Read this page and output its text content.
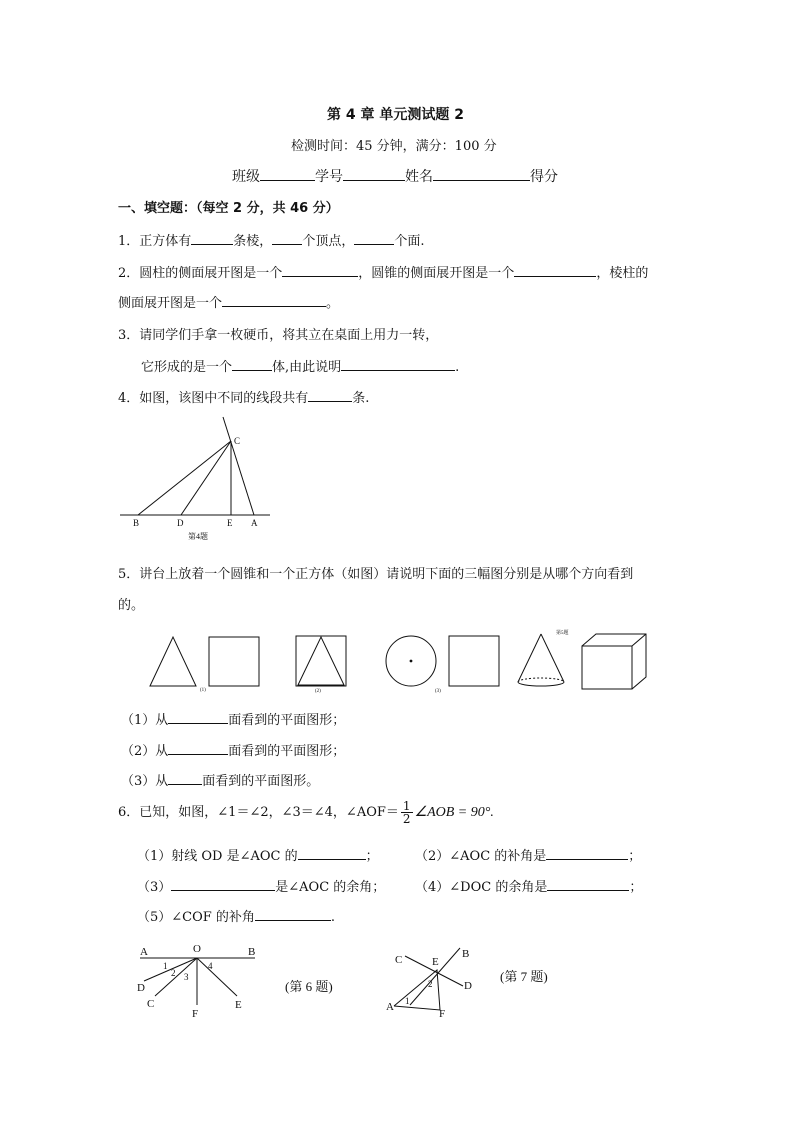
第 4 章 单元测试题 2
检测时间：45 分钟，满分：100 分
班级	学号	姓名	得分
一、填空题：（每空 2 分，共 46 分）
1．正方体有	条棱， 个顶点，	个面.
2．圆柱的侧面展开图是一个	，圆锥的侧面展开图是一个	，棱柱的
侧面展开图是一个	。
3．请同学们手拿一枚硬币，将其立在桌面上用力一转，
它形成的是一个	体,由此说明	.
4．如图，该图中不同的线段共有	条.
C
B	D	E A
第4题
5．讲台上放着一个圆锥和一个正方体（如图）请说明下面的三幅图分别是从哪个方向看到
的。
(1)	(2)	(3)
第5题
（1）从	面看到的平面图形；
（2）从	面看到的平面图形；
（3）从	面看到的平面图形。
6．已知，如图，∠1＝∠2，∠3＝∠4，∠AOF＝ $\frac{1}{2}$ ∠AOB = 90°.
（1）射线 OD 是∠AOC 的	；	（2）∠AOC 的补角是	；
（3）	是∠AOC 的余角； （4）∠DOC 的余角是	；
（5）∠COF 的补角	.
A	O	B
1
2 3
4
D
C
F
E
(第 6 题)
C	B
E
2	D
A 1
F
(第 7 题)
